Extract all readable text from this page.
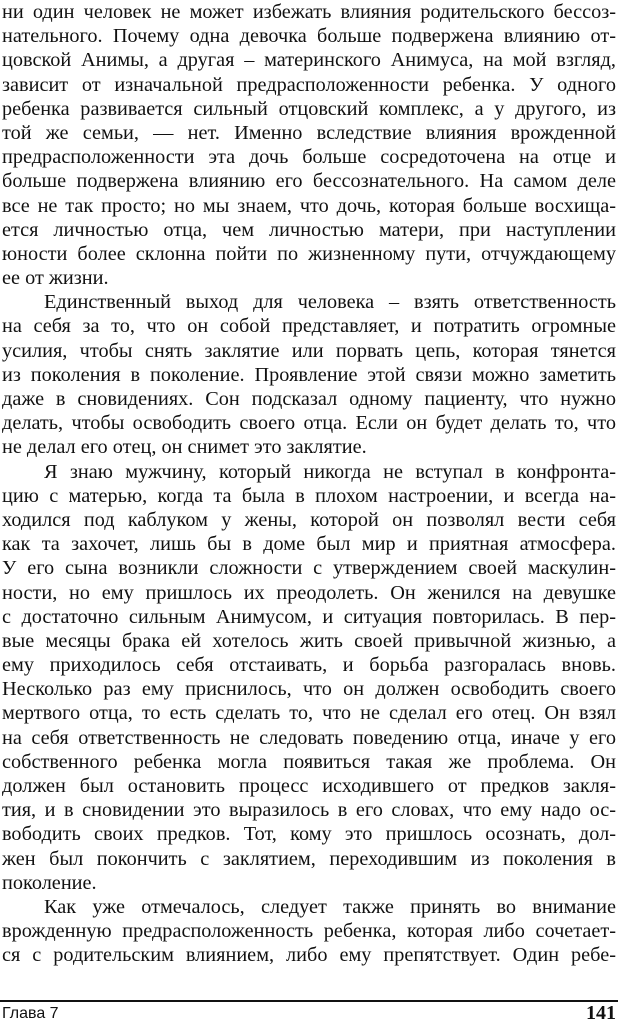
ни один человек не может избежать влияния родительского бессоз-
нательного. Почему одна девочка больше подвержена влиянию от-
цовской Анимы, а другая – материнского Анимуса, на мой взгляд,
зависит от изначальной предрасположенности ребенка. У одного
ребенка развивается сильный отцовский комплекс, а у другого, из
той же семьи, — нет. Именно вследствие влияния врожденной
предрасположенности эта дочь больше сосредоточена на отце и
больше подвержена влиянию его бессознательного. На самом деле
все не так просто; но мы знаем, что дочь, которая больше восхища-
ется личностью отца, чем личностью матери, при наступлении
юности более склонна пойти по жизненному пути, отчуждающему
ее от жизни.
Единственный выход для человека – взять ответственность
на себя за то, что он собой представляет, и потратить огромные
усилия, чтобы снять заклятие или порвать цепь, которая тянется
из поколения в поколение. Проявление этой связи можно заметить
даже в сновидениях. Сон подсказал одному пациенту, что нужно
делать, чтобы освободить своего отца. Если он будет делать то, что
не делал его отец, он снимет это заклятие.
Я знаю мужчину, который никогда не вступал в конфронта-
цию с матерью, когда та была в плохом настроении, и всегда на-
ходился под каблуком у жены, которой он позволял вести себя
как та захочет, лишь бы в доме был мир и приятная атмосфера.
У его сына возникли сложности с утверждением своей маскулин-
ности, но ему пришлось их преодолеть. Он женился на девушке
с достаточно сильным Анимусом, и ситуация повторилась. В пер-
вые месяцы брака ей хотелось жить своей привычной жизнью, а
ему приходилось себя отстаивать, и борьба разгоралась вновь.
Несколько раз ему приснилось, что он должен освободить своего
мертвого отца, то есть сделать то, что не сделал его отец. Он взял
на себя ответственность не следовать поведению отца, иначе у его
собственного ребенка могла появиться такая же проблема. Он
должен был остановить процесс исходившего от предков закля-
тия, и в сновидении это выразилось в его словах, что ему надо ос-
вободить своих предков. Тот, кому это пришлось осознать, дол-
жен был покончить с заклятием, переходившим из поколения в
поколение.
Как уже отмечалось, следует также принять во внимание
врожденную предрасположенность ребенка, которая либо сочетает-
ся с родительским влиянием, либо ему препятствует. Один ребе-
Глава 7	141
